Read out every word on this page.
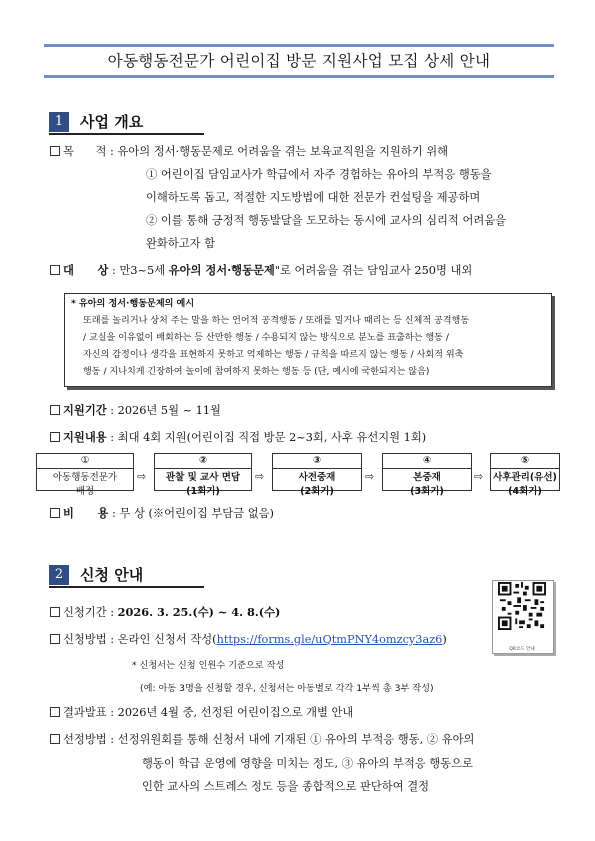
아동행동전문가 어린이집 방문 지원사업 모집 상세 안내
1	사업 개요
목      적 : 유아의 정서·행동문제로 어려움을 겪는 보육교직원을 지원하기 위해
① 어린이집 담임교사가 학급에서 자주 경험하는 유아의 부적응 행동을
이해하도록 돕고, 적절한 지도방법에 대한 전문가 컨설팅을 제공하며
② 이를 통해 긍정적 행동발달을 도모하는 동시에 교사의 심리적 어려움을
완화하고자 함
대      상 : 만3~5세 유아의 정서·행동문제"로 어려움을 겪는 담임교사 250명 내외
* 유아의 정서·행동문제의 예시
또래를 놀리거나 상처 주는 말을 하는 언어적 공격행동 / 또래를 밀거나 때리는 등 신체적 공격행동
/ 교실을 이유없이 배회하는 등 산만한 행동 / 수용되지 않는 방식으로 분노를 표출하는 행동 /
자신의 감정이나 생각을 표현하지 못하고 억제하는 행동 / 규칙을 따르지 않는 행동 / 사회적 위축
행동 / 지나치게 긴장하여 놀이에 참여하지 못하는 행동 등 (단, 예시에 국한되지는 않음)
지원기간 : 2026년 5월 ~ 11월
지원내용 : 최대 4회 지원(어린이집 직접 방문 2~3회, 사후 유선지원 1회)
①
아동행동전문가
배정
⇨
②
관찰 및 교사 면담
(1회기)
⇨
③
사전중재
(2회기)
⇨
④
본중재
(3회기)
⇨
⑤
사후관리(유선)
(4회기)
비      용 : 무 상 (※어린이집 부담금 없음)
2	신청 안내
신청기간 : 2026. 3. 25.(수) ~ 4. 8.(수)
신청방법 : 온라인 신청서 작성(https://forms.gle/uQtmPNY4omzcy3az6)
QR코드 안내
* 신청서는 신청 인원수 기준으로 작성
(예: 아동 3명을 신청할 경우, 신청서는 아동별로 각각 1부씩 총 3부 작성)
결과발표 : 2026년 4월 중, 선정된 어린이집으로 개별 안내
선정방법 : 선정위원회를 통해 신청서 내에 기재된 ① 유아의 부적응 행동, ② 유아의
행동이 학급 운영에 영향을 미치는 정도, ③ 유아의 부적응 행동으로
인한 교사의 스트레스 정도 등을 종합적으로 판단하여 결정
